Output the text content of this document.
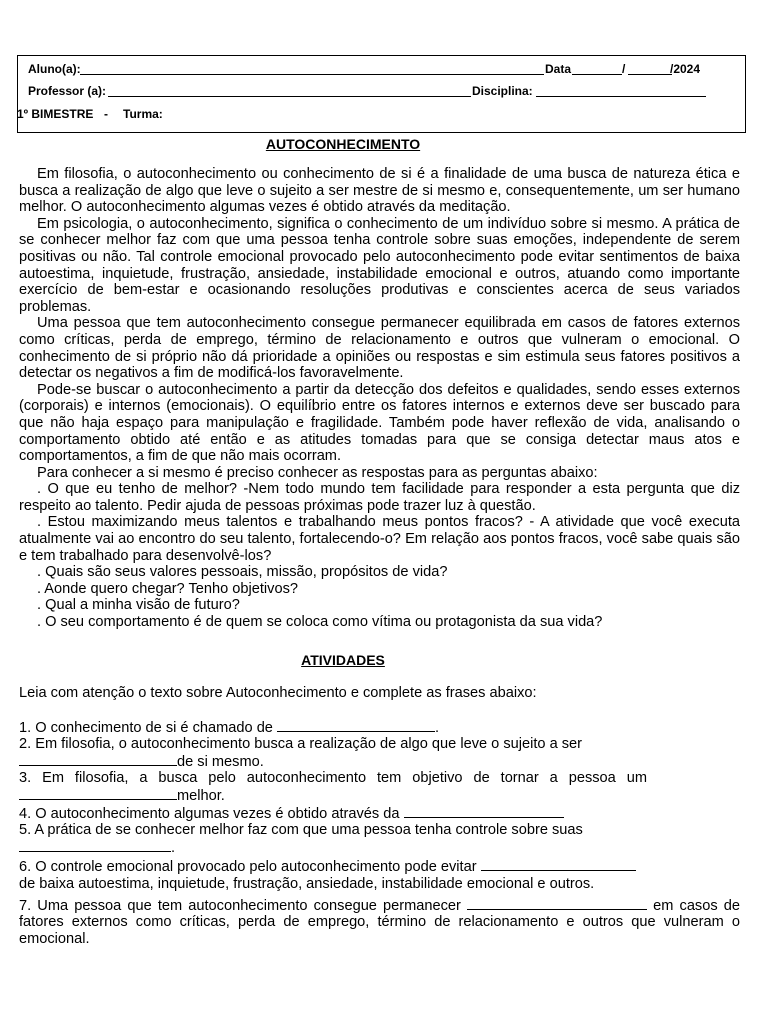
Aluno(a):	Data	/	/2024
Professor (a):	Disciplina:
1º BIMESTRE - Turma:
AUTOCONHECIMENTO

Em filosofia, o autoconhecimento ou conhecimento de si é a finalidade de uma busca de natureza ética e busca a realização de algo que leve o sujeito a ser mestre de si mesmo e, consequentemente, um ser humano melhor. O autoconhecimento algumas vezes é obtido através da meditação.

Em psicologia, o autoconhecimento, significa o conhecimento de um indivíduo sobre si mesmo. A prática de se conhecer melhor faz com que uma pessoa tenha controle sobre suas emoções, independente de serem positivas ou não. Tal controle emocional provocado pelo autoconhecimento pode evitar sentimentos de baixa autoestima, inquietude, frustração, ansiedade, instabilidade emocional e outros, atuando como importante exercício de bem-estar e ocasionando resoluções produtivas e conscientes acerca de seus variados problemas.

Uma pessoa que tem autoconhecimento consegue permanecer equilibrada em casos de fatores externos como críticas, perda de emprego, término de relacionamento e outros que vulneram o emocional. O conhecimento de si próprio não dá prioridade a opiniões ou respostas e sim estimula seus fatores positivos a detectar os negativos a fim de modificá-los favoravelmente.

Pode-se buscar o autoconhecimento a partir da detecção dos defeitos e qualidades, sendo esses externos (corporais) e internos (emocionais). O equilíbrio entre os fatores internos e externos deve ser buscado para que não haja espaço para manipulação e fragilidade. Também pode haver reflexão de vida, analisando o comportamento obtido até então e as atitudes tomadas para que se consiga detectar maus atos e comportamentos, a fim de que não mais ocorram.

Para conhecer a si mesmo é preciso conhecer as respostas para as perguntas abaixo:

. O que eu tenho de melhor? -Nem todo mundo tem facilidade para responder a esta pergunta que diz respeito ao talento. Pedir ajuda de pessoas próximas pode trazer luz à questão.

. Estou maximizando meus talentos e trabalhando meus pontos fracos? - A atividade que você executa atualmente vai ao encontro do seu talento, fortalecendo-o? Em relação aos pontos fracos, você sabe quais são e tem trabalhado para desenvolvê-los?

. Quais são seus valores pessoais, missão, propósitos de vida?

. Aonde quero chegar? Tenho objetivos?

. Qual a minha visão de futuro?

. O seu comportamento é de quem se coloca como vítima ou protagonista da sua vida?

ATIVIDADES

Leia com atenção o texto sobre Autoconhecimento e complete as frases abaixo:

1. O conhecimento de si é chamado de	.

2. Em filosofia, o autoconhecimento busca a realização de algo que leve o sujeito a ser
de si mesmo.

3. Em filosofia, a busca pelo autoconhecimento tem objetivo de tornar a pessoa um
melhor.

4. O autoconhecimento algumas vezes é obtido através da

5. A prática de se conhecer melhor faz com que uma pessoa tenha controle sobre suas
.

6. O controle emocional provocado pelo autoconhecimento pode evitar
de baixa autoestima, inquietude, frustração, ansiedade, instabilidade emocional e outros.

7. Uma pessoa que tem autoconhecimento consegue permanecer	em casos de fatores externos como críticas, perda de emprego, término de relacionamento e outros que vulneram o emocional.
